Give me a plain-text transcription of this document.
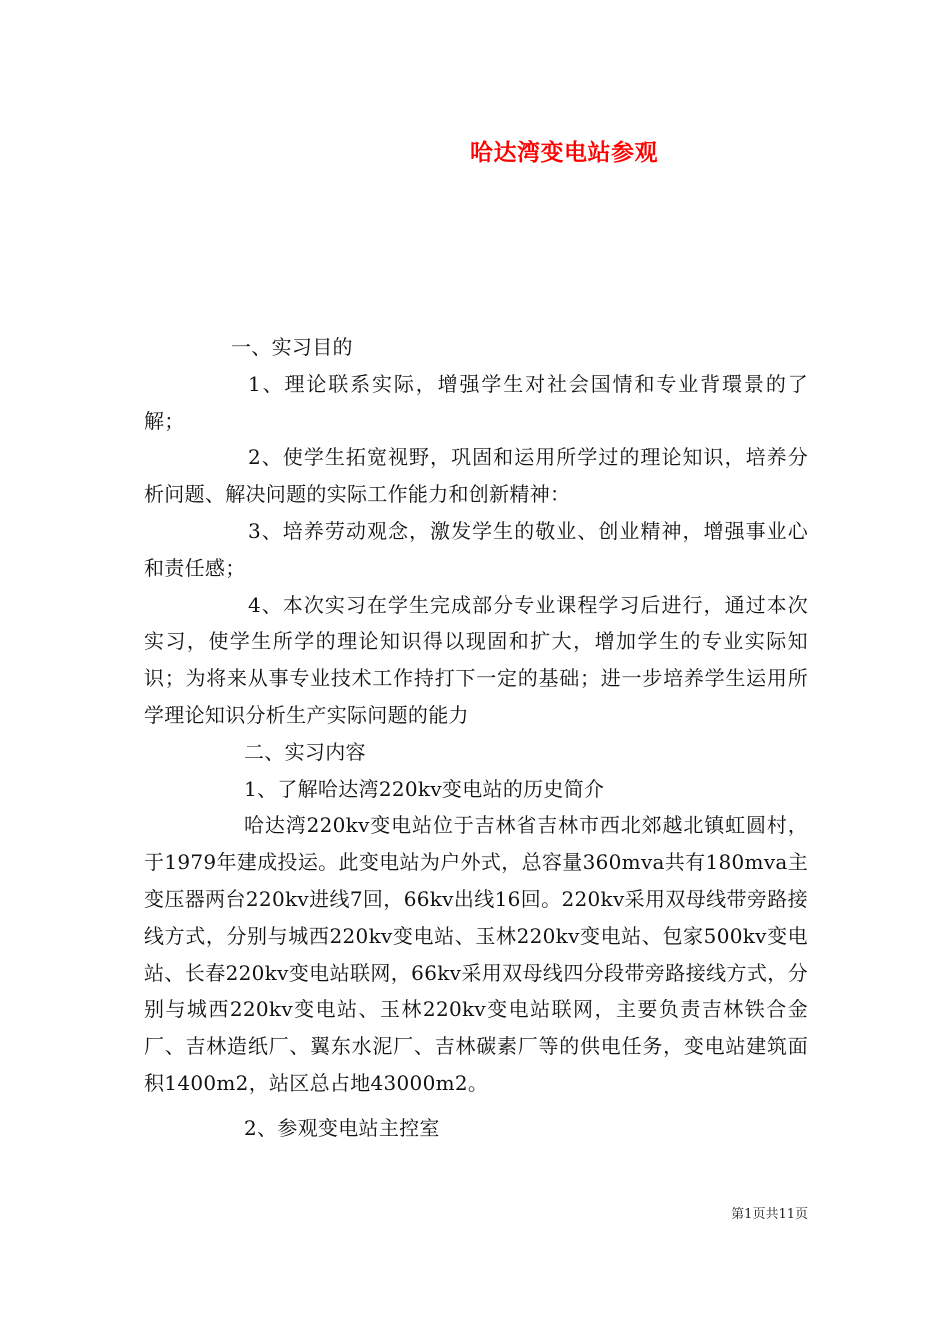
哈达湾变电站参观

一、实习目的

1、理论联系实际，增强学生对社会国情和专业背環景的了解；

2、使学生拓宽视野，巩固和运用所学过的理论知识，培养分析问题、解决问题的实际工作能力和创新精神：

3、培养劳动观念，激发学生的敬业、创业精神，增强事业心和责任感；

4、本次实习在学生完成部分专业课程学习后进行，通过本次实习，使学生所学的理论知识得以现固和扩大，增加学生的专业实际知识；为将来从事专业技术工作持打下一定的基础；进一步培养学生运用所学理论知识分析生产实际问题的能力

二、实习内容

1、了解哈达湾220kv变电站的历史简介

哈达湾220kv变电站位于吉林省吉林市西北郊越北镇虹圆村，于1979年建成投运。此变电站为户外式，总容量360mva共有180mva主变压器两台220kv进线7回，66kv出线16回。220kv采用双母线带旁路接线方式，分别与城西220kv变电站、玉林220kv变电站、包家500kv变电站、长春220kv变电站联网，66kv采用双母线四分段带旁路接线方式，分别与城西220kv变电站、玉林220kv变电站联网，主要负责吉林铁合金厂、吉林造纸厂、翼东水泥厂、吉林碳素厂等的供电任务，变电站建筑面积1400m2，站区总占地43000m2。

2、参观变电站主控室

第1页共11页
